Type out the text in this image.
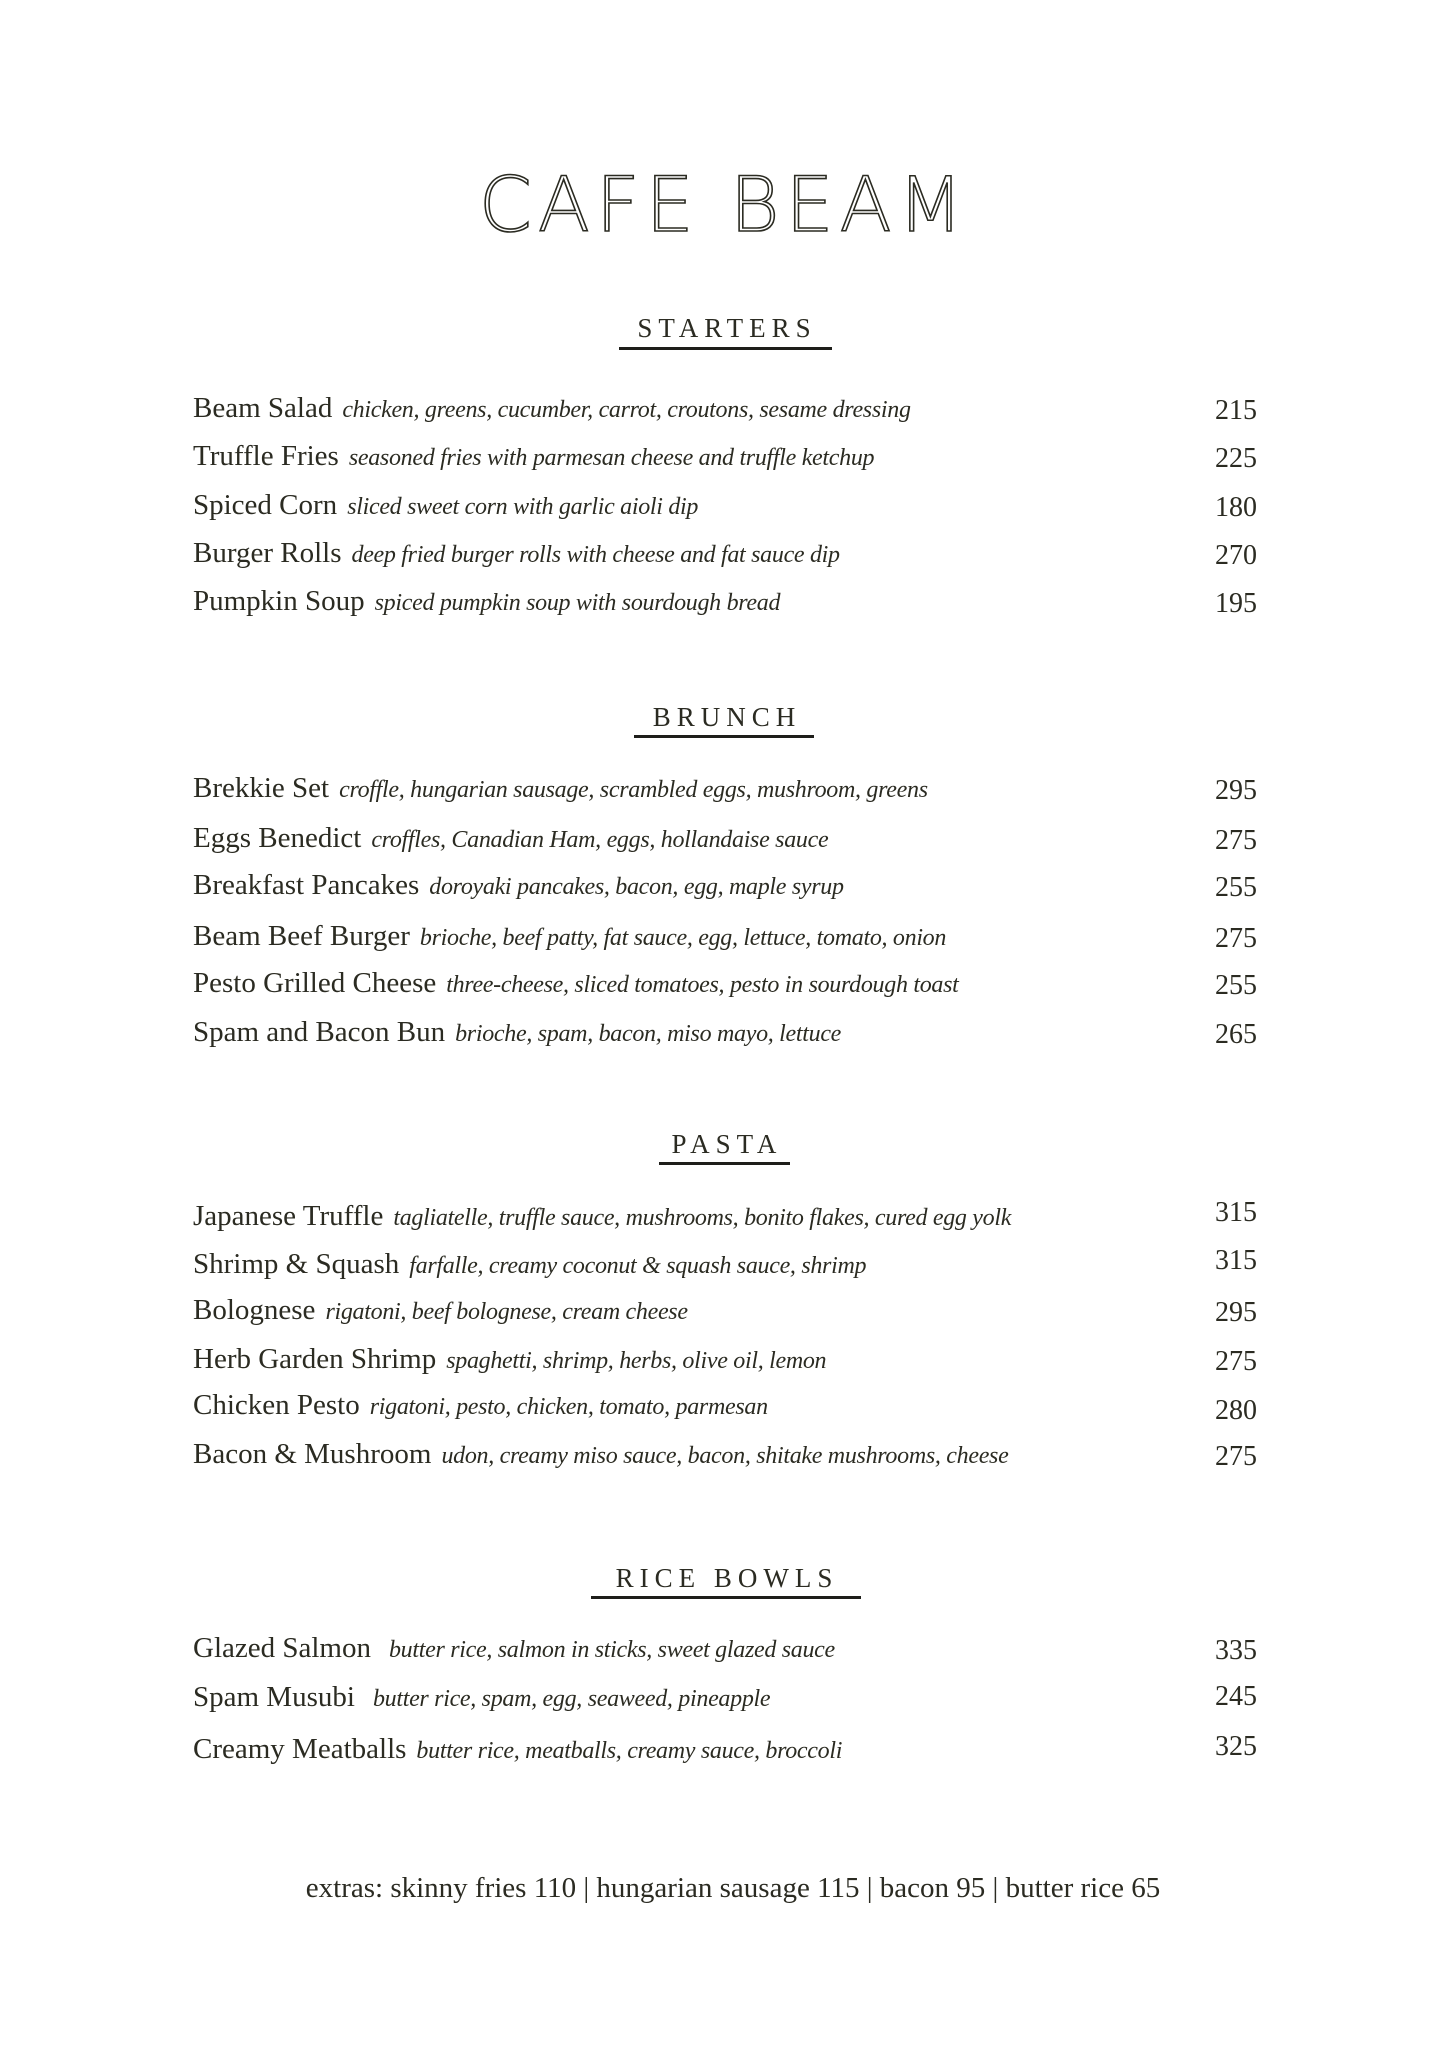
CAFE BEAM
STARTERS
Beam Salad chicken, greens, cucumber, carrot, croutons, sesame dressing	215
Truffle Fries seasoned fries with parmesan cheese and truffle ketchup	225
Spiced Corn sliced sweet corn with garlic aioli dip	180
Burger Rolls deep fried burger rolls with cheese and fat sauce dip	270
Pumpkin Soup spiced pumpkin soup with sourdough bread	195
BRUNCH
Brekkie Set croffle, hungarian sausage, scrambled eggs, mushroom, greens	295
Eggs Benedict croffles, Canadian Ham, eggs, hollandaise sauce	275
Breakfast Pancakes doroyaki pancakes, bacon, egg, maple syrup	255
Beam Beef Burger brioche, beef patty, fat sauce, egg, lettuce, tomato, onion	275
Pesto Grilled Cheese three-cheese, sliced tomatoes, pesto in sourdough toast	255
Spam and Bacon Bun brioche, spam, bacon, miso mayo, lettuce	265
PASTA
Japanese Truffle tagliatelle, truffle sauce, mushrooms, bonito flakes, cured egg yolk	315
Shrimp & Squash farfalle, creamy coconut & squash sauce, shrimp	315
Bolognese rigatoni, beef bolognese, cream cheese	295
Herb Garden Shrimp spaghetti, shrimp, herbs, olive oil, lemon	275
Chicken Pesto rigatoni, pesto, chicken, tomato, parmesan	280
Bacon & Mushroom udon, creamy miso sauce, bacon, shitake mushrooms, cheese	275
RICE BOWLS
Glazed Salmon butter rice, salmon in sticks, sweet glazed sauce	335
Spam Musubi butter rice, spam, egg, seaweed, pineapple	245
Creamy Meatballs butter rice, meatballs, creamy sauce, broccoli	325
extras: skinny fries 110 | hungarian sausage 115 | bacon 95 | butter rice 65
